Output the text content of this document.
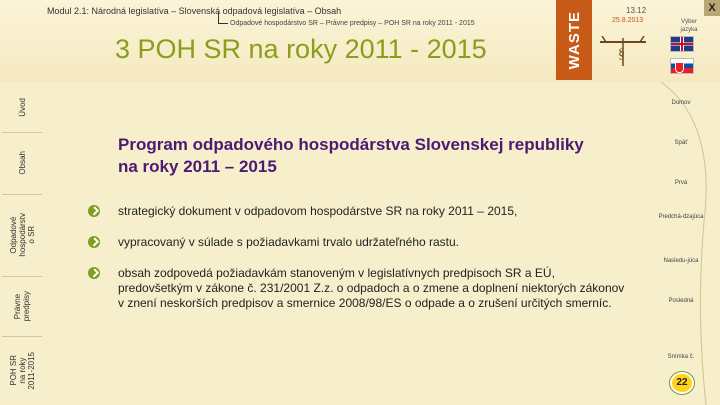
Modul 2.1: Národná legislatíva – Slovenská odpadová legislatíva – Obsah
Odpadové hospodárstvo SR – Právne predpisy – POH SR na roky 2011 - 2015
3 POH SR na roky 2011 - 2015	WASTE
13.12
25.8.2013
§
Výber jazyka
X
Úvod
Obsah
Odpadové
hospodárstv
o SR
Právne
predpisy
POH SR
na roky
2011-2015
Program odpadového hospodárstva Slovenskej republiky na roky 2011 – 2015
strategický dokument v odpadovom hospodárstve SR na roky 2011 – 2015,
vypracovaný v súlade s požiadavkami trvalo udržateľného rastu.
obsah zodpovedá požiadavkám stanoveným v legislatívnych predpisoch SR a EÚ, predovšetkým v zákone č. 231/2001 Z.z. o odpadoch a o zmene a doplnení niektorých zákonov v znení neskorších predpisov a smernice 2008/98/ES o odpade a o zrušení určitých smerníc.
Domov
Späť
Prvá
Predchá-dzajúca
Nasledu-júca
Posledná
Snímka č.
22
